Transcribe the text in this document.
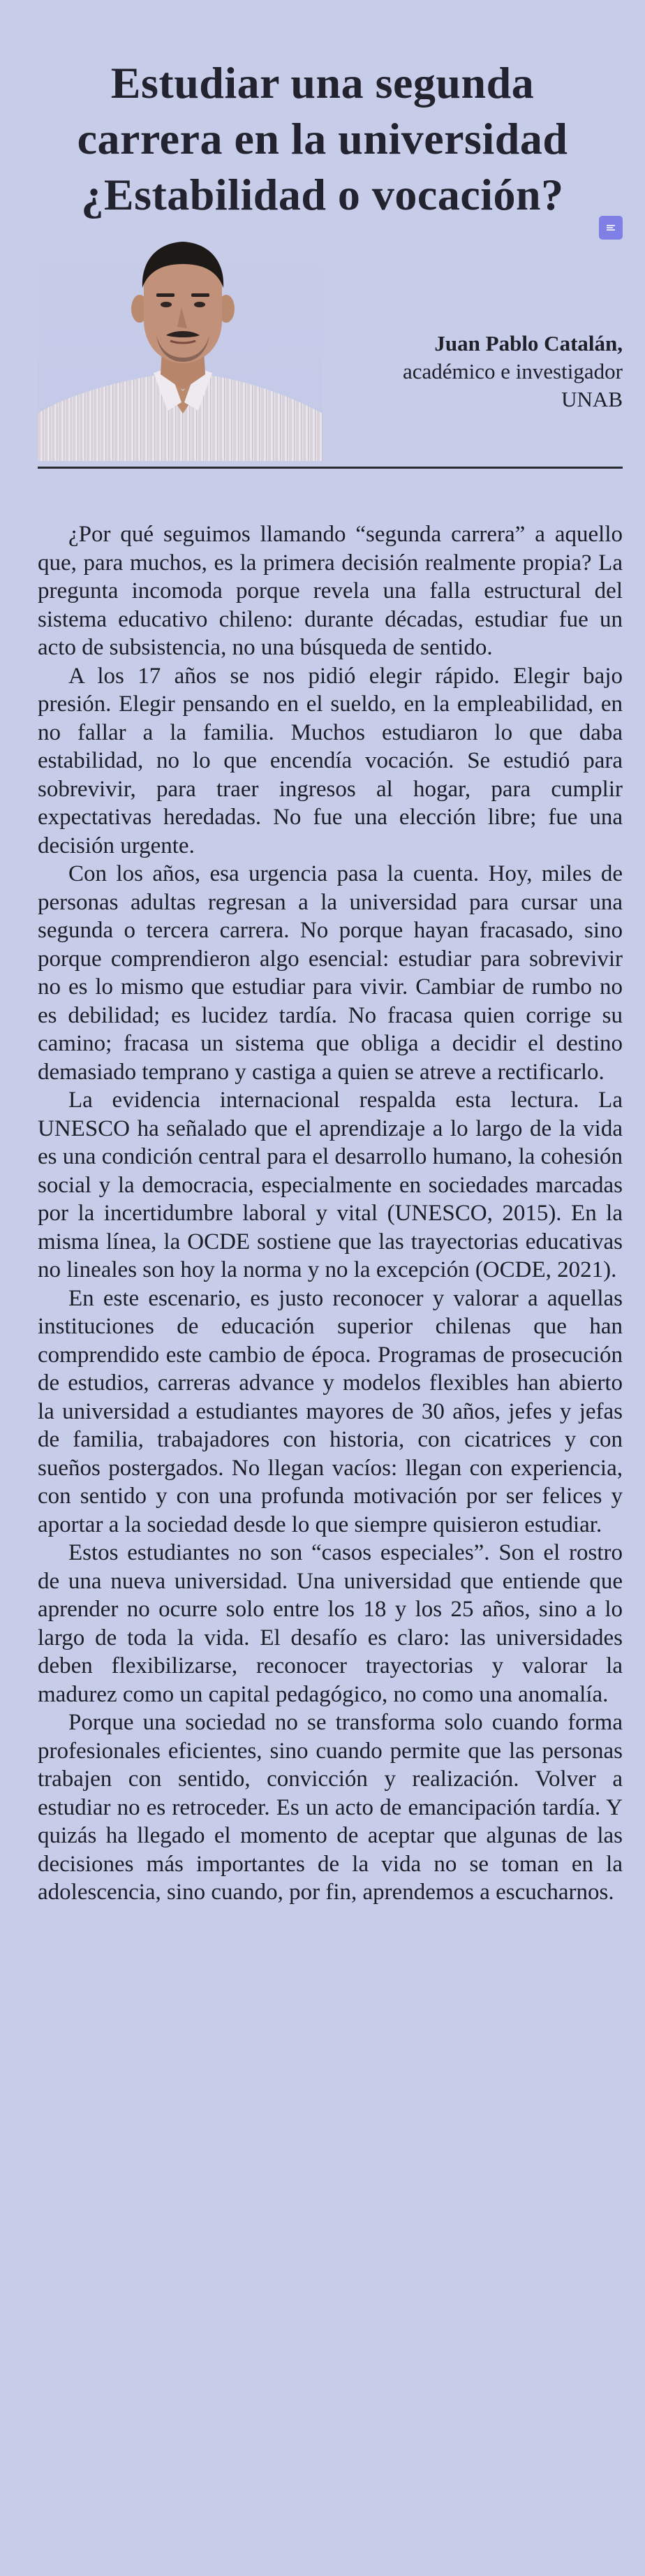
Estudiar una segunda
carrera en la universidad
¿Estabilidad o vocación?
Juan Pablo Catalán,
académico e investigador
UNAB

¿Por qué seguimos llamando “segunda carrera” a aquello que, para muchos, es la primera decisión realmente propia? La pregunta incomoda porque revela una falla estructural del sistema educativo chileno: durante décadas, estudiar fue un acto de subsistencia, no una búsqueda de sentido.

A los 17 años se nos pidió elegir rápido. Elegir bajo presión. Elegir pensando en el sueldo, en la empleabilidad, en no fallar a la familia. Muchos estudiaron lo que daba estabilidad, no lo que encendía vocación. Se estudió para sobrevivir, para traer ingresos al hogar, para cumplir expectativas heredadas. No fue una elección libre; fue una decisión urgente.

Con los años, esa urgencia pasa la cuenta. Hoy, miles de personas adultas regresan a la universidad para cursar una segunda o tercera carrera. No porque hayan fracasado, sino porque comprendieron algo esencial: estudiar para sobrevivir no es lo mismo que estudiar para vivir. Cambiar de rumbo no es debilidad; es lucidez tardía. No fracasa quien corrige su camino; fracasa un sistema que obliga a decidir el destino demasiado temprano y castiga a quien se atreve a rectificarlo.

La evidencia internacional respalda esta lectura. La UNESCO ha señalado que el aprendizaje a lo largo de la vida es una condición central para el desarrollo humano, la cohesión social y la democracia, especialmente en sociedades marcadas por la incertidumbre laboral y vital (UNESCO, 2015). En la misma línea, la OCDE sostiene que las trayectorias educativas no lineales son hoy la norma y no la excepción (OCDE, 2021).

En este escenario, es justo reconocer y valorar a aquellas instituciones de educación superior chilenas que han comprendido este cambio de época. Programas de prosecución de estudios, carreras advance y modelos flexibles han abierto la universidad a estudiantes mayores de 30 años, jefes y jefas de familia, trabajadores con historia, con cicatrices y con sueños postergados. No llegan vacíos: llegan con experiencia, con sentido y con una profunda motivación por ser felices y aportar a la sociedad desde lo que siempre quisieron estudiar.

Estos estudiantes no son “casos especiales”. Son el rostro de una nueva universidad. Una universidad que entiende que aprender no ocurre solo entre los 18 y los 25 años, sino a lo largo de toda la vida. El desafío es claro: las universidades deben flexibilizarse, reconocer trayectorias y valorar la madurez como un capital pedagógico, no como una anomalía.

Porque una sociedad no se transforma solo cuando forma profesionales eficientes, sino cuando permite que las personas trabajen con sentido, convicción y realización. Volver a estudiar no es retroceder. Es un acto de emancipación tardía. Y quizás ha llegado el momento de aceptar que algunas de las decisiones más importantes de la vida no se toman en la adolescencia, sino cuando, por fin, aprendemos a escucharnos.
